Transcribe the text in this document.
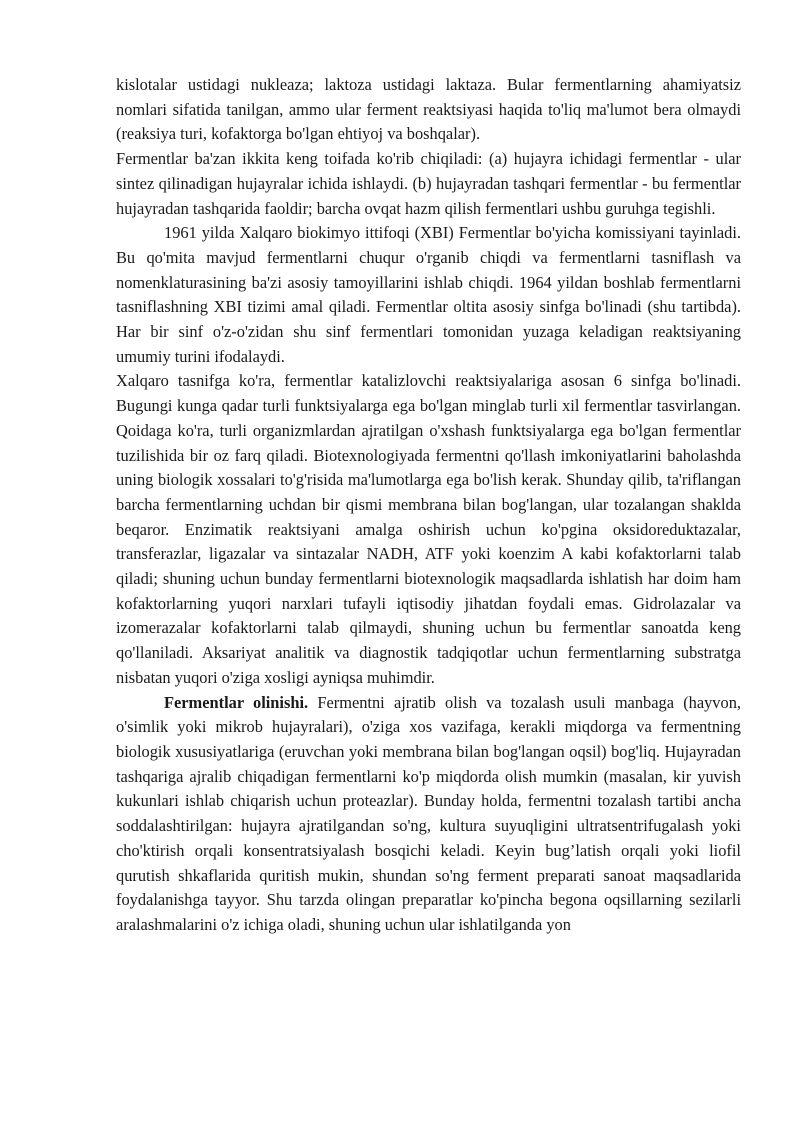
kislotalar ustidagi nukleaza; laktoza ustidagi laktaza. Bular fermentlarning ahamiyatsiz nomlari sifatida tanilgan, ammo ular ferment reaktsiyasi haqida to'liq ma'lumot bera olmaydi (reaksiya turi, kofaktorga bo'lgan ehtiyoj va boshqalar).

Fermentlar ba'zan ikkita keng toifada ko'rib chiqiladi: (a) hujayra ichidagi fermentlar - ular sintez qilinadigan hujayralar ichida ishlaydi. (b) hujayradan tashqari fermentlar - bu fermentlar hujayradan tashqarida faoldir; barcha ovqat hazm qilish fermentlari ushbu guruhga tegishli.

1961 yilda Xalqaro biokimyo ittifoqi (XBI) Fermentlar bo'yicha komissiyani tayinladi. Bu qo'mita mavjud fermentlarni chuqur o'rganib chiqdi va fermentlarni tasniflash va nomenklaturasining ba'zi asosiy tamoyillarini ishlab chiqdi. 1964 yildan boshlab fermentlarni tasniflashning XBI tizimi amal qiladi. Fermentlar oltita asosiy sinfga bo'linadi (shu tartibda). Har bir sinf o'z-o'zidan shu sinf fermentlari tomonidan yuzaga keladigan reaktsiyaning umumiy turini ifodalaydi.

Xalqaro tasnifga ko'ra, fermentlar katalizlovchi reaktsiyalariga asosan 6 sinfga bo'linadi. Bugungi kunga qadar turli funktsiyalarga ega bo'lgan minglab turli xil fermentlar tasvirlangan. Qoidaga ko'ra, turli organizmlardan ajratilgan o'xshash funktsiyalarga ega bo'lgan fermentlar tuzilishida bir oz farq qiladi. Biotexnologiyada fermentni qo'llash imkoniyatlarini baholashda uning biologik xossalari to'g'risida ma'lumotlarga ega bo'lish kerak. Shunday qilib, ta'riflangan barcha fermentlarning uchdan bir qismi membrana bilan bog'langan, ular tozalangan shaklda beqaror. Enzimatik reaktsiyani amalga oshirish uchun ko'pgina oksidoreduktazalar, transferazlar, ligazalar va sintazalar NADH, ATF yoki koenzim A kabi kofaktorlarni talab qiladi; shuning uchun bunday fermentlarni biotexnologik maqsadlarda ishlatish har doim ham kofaktorlarning yuqori narxlari tufayli iqtisodiy jihatdan foydali emas. Gidrolazalar va izomerazalar kofaktorlarni talab qilmaydi, shuning uchun bu fermentlar sanoatda keng qo'llaniladi. Aksariyat analitik va diagnostik tadqiqotlar uchun fermentlarning substratga nisbatan yuqori o'ziga xosligi ayniqsa muhimdir.

Fermentlar olinishi. Fermentni ajratib olish va tozalash usuli manbaga (hayvon, o'simlik yoki mikrob hujayralari), o'ziga xos vazifaga, kerakli miqdorga va fermentning biologik xususiyatlariga (eruvchan yoki membrana bilan bog'langan oqsil) bog'liq. Hujayradan tashqariga ajralib chiqadigan fermentlarni ko'p miqdorda olish mumkin (masalan, kir yuvish kukunlari ishlab chiqarish uchun proteazlar). Bunday holda, fermentni tozalash tartibi ancha soddalashtirilgan: hujayra ajratilgandan so'ng, kultura suyuqligini ultratsentrifugalash yoki cho'ktirish orqali konsentratsiyalash bosqichi keladi. Keyin bug’latish orqali yoki liofil qurutish shkaflarida quritish mukin, shundan so'ng ferment preparati sanoat maqsadlarida foydalanishga tayyor. Shu tarzda olingan preparatlar ko'pincha begona oqsillarning sezilarli aralashmalarini o'z ichiga oladi, shuning uchun ular ishlatilganda yon
